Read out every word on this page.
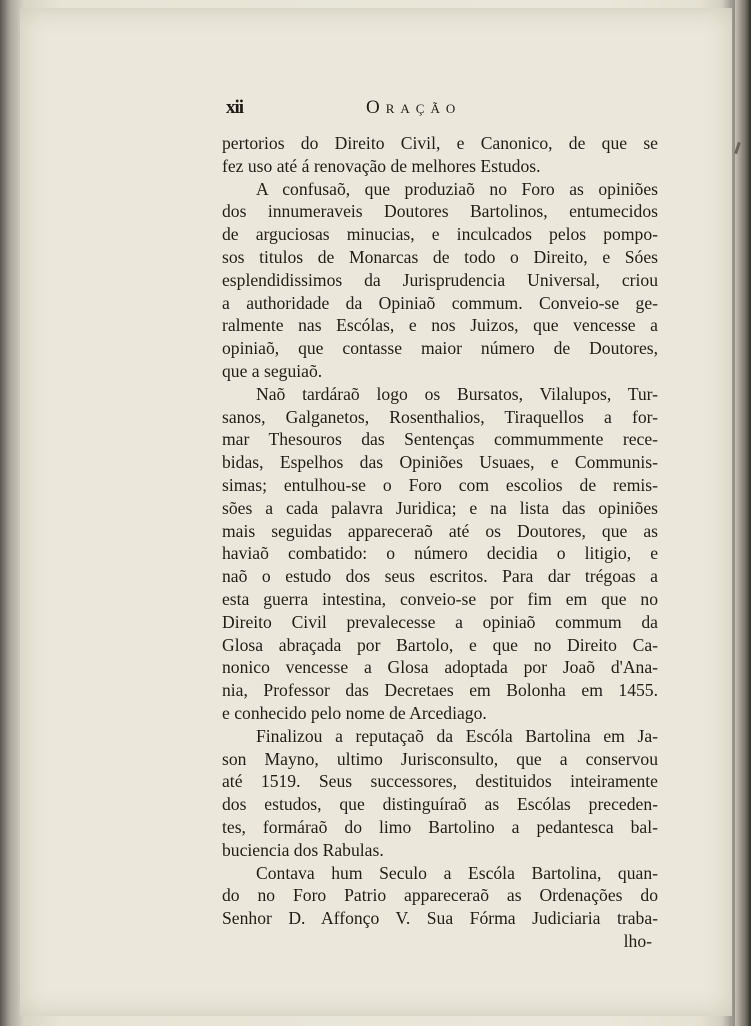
xii	Oração
pertorios do Direito Civil, e Canonico, de que se
fez uso até á renovação de melhores Estudos.
A confusaõ, que produziaõ no Foro as opiniões
dos innumeraveis Doutores Bartolinos, entumecidos
de arguciosas minucias, e inculcados pelos pompo-
sos titulos de Monarcas de todo o Direito, e Sóes
esplendidissimos da Jurisprudencia Universal, criou
a authoridade da Opiniaõ commum. Conveio-se ge-
ralmente nas Escólas, e nos Juizos, que vencesse a
opiniaõ, que contasse maior número de Doutores,
que a seguiaõ.
Naõ tardáraõ logo os Bursatos, Vilalupos, Tur-
sanos, Galganetos, Rosenthalios, Tiraquellos a for-
mar Thesouros das Sentenças commummente rece-
bidas, Espelhos das Opiniões Usuaes, e Communis-
simas; entulhou-se o Foro com escolios de remis-
sões a cada palavra Juridica; e na lista das opiniões
mais seguidas appareceraõ até os Doutores, que as
haviaõ combatido: o número decidia o litigio, e
naõ o estudo dos seus escritos. Para dar trégoas a
esta guerra intestina, conveio-se por fim em que no
Direito Civil prevalecesse a opiniaõ commum da
Glosa abraçada por Bartolo, e que no Direito Ca-
nonico vencesse a Glosa adoptada por Joaõ d'Ana-
nia, Professor das Decretaes em Bolonha em 1455.
e conhecido pelo nome de Arcediago.
Finalizou a reputaçaõ da Escóla Bartolina em Ja-
son Mayno, ultimo Jurisconsulto, que a conservou
até 1519. Seus successores, destituidos inteiramente
dos estudos, que distinguíraõ as Escólas preceden-
tes, formáraõ do limo Bartolino a pedantesca bal-
buciencia dos Rabulas.
Contava hum Seculo a Escóla Bartolina, quan-
do no Foro Patrio appareceraõ as Ordenações do
Senhor D. Affonço V. Sua Fórma Judiciaria traba-
lho-
